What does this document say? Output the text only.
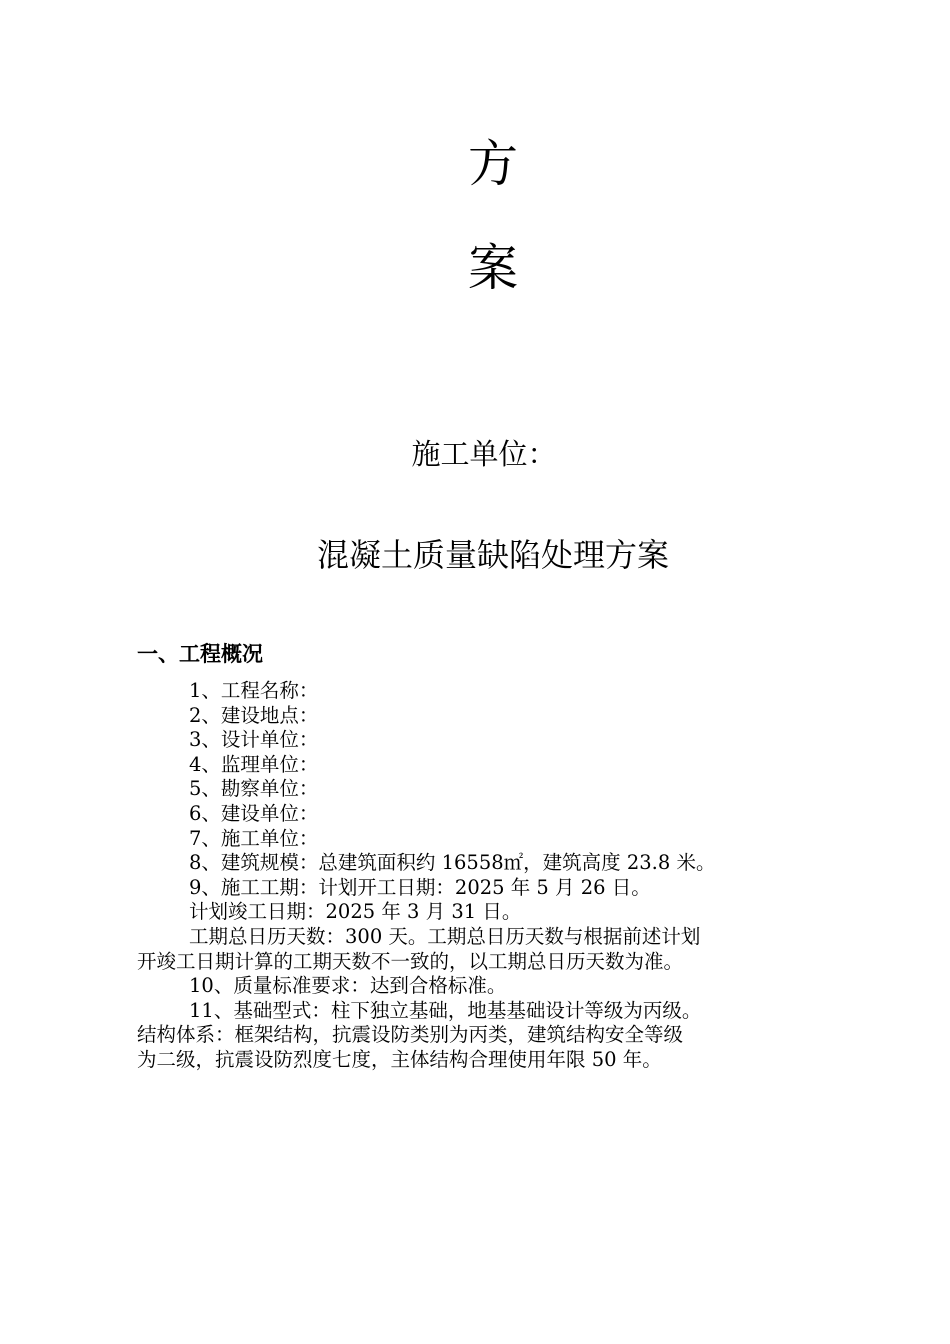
方
案
施工单位：
混凝土质量缺陷处理方案
一、工程概况
1、工程名称：
2、建设地点：
3、设计单位：
4、监理单位：
5、勘察单位：
6、建设单位：
7、施工单位：
8、建筑规模：总建筑面积约 16558㎡，建筑高度 23.8 米。
9、施工工期：计划开工日期：2025 年 5 月 26 日。
计划竣工日期：2025 年 3 月 31 日。
工期总日历天数：300 天。工期总日历天数与根据前述计划
开竣工日期计算的工期天数不一致的，以工期总日历天数为准。
10、质量标准要求：达到合格标准。
11、基础型式：柱下独立基础，地基基础设计等级为丙级。
结构体系：框架结构，抗震设防类别为丙类，建筑结构安全等级
为二级，抗震设防烈度七度，主体结构合理使用年限 50 年。
